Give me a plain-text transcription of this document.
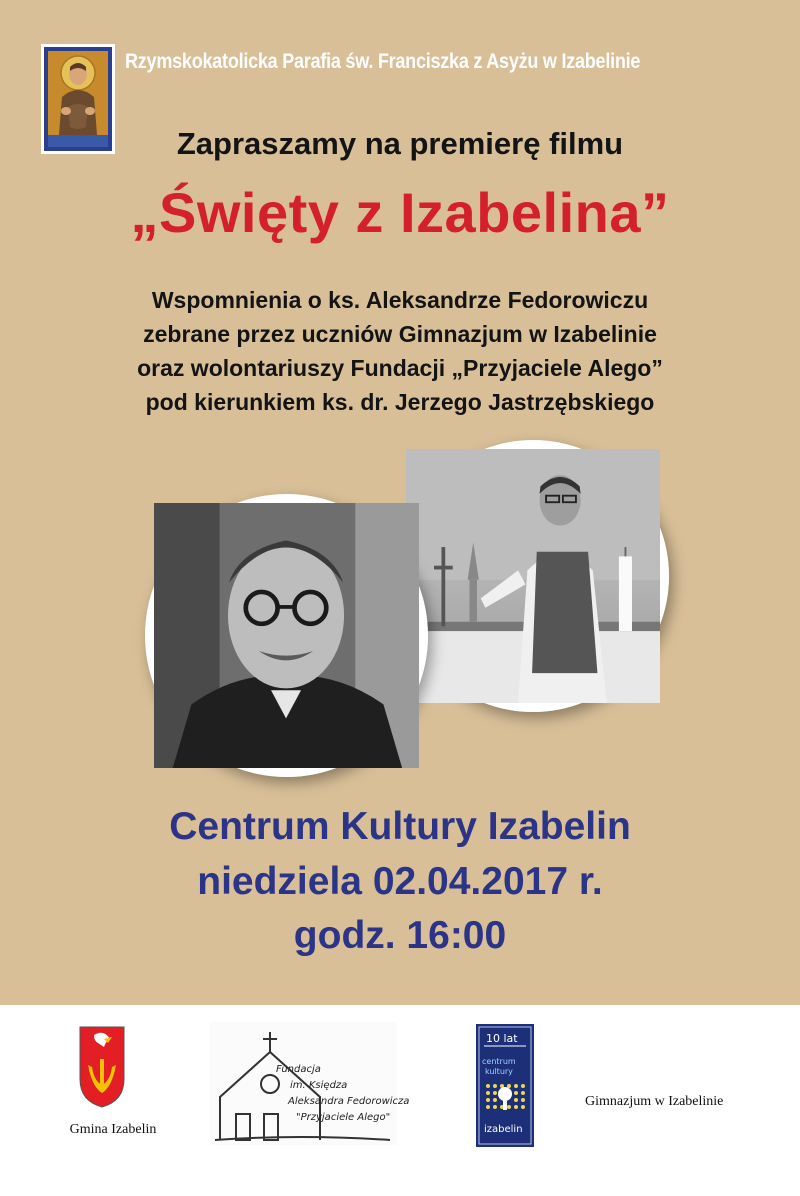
Rzymskokatolicka Parafia św. Franciszka z Asyżu w Izabelinie
Zapraszamy na premierę filmu
„Święty z Izabelina”
Wspomnienia o ks. Aleksandrze Fedorowiczu
zebrane przez uczniów Gimnazjum w Izabelinie
oraz wolontariuszy Fundacji „Przyjaciele Alego”
pod kierunkiem ks. dr. Jerzego Jastrzębskiego
Centrum Kultury Izabelin
niedziela 02.04.2017 r.
godz. 16:00
Fundacja
im. Księdza
Aleksandra Fedorowicza
"Przyjaciele Alego"
10 lat
centrum
kultury
izabelin
Gmina Izabelin
Gimnazjum w Izabelinie
